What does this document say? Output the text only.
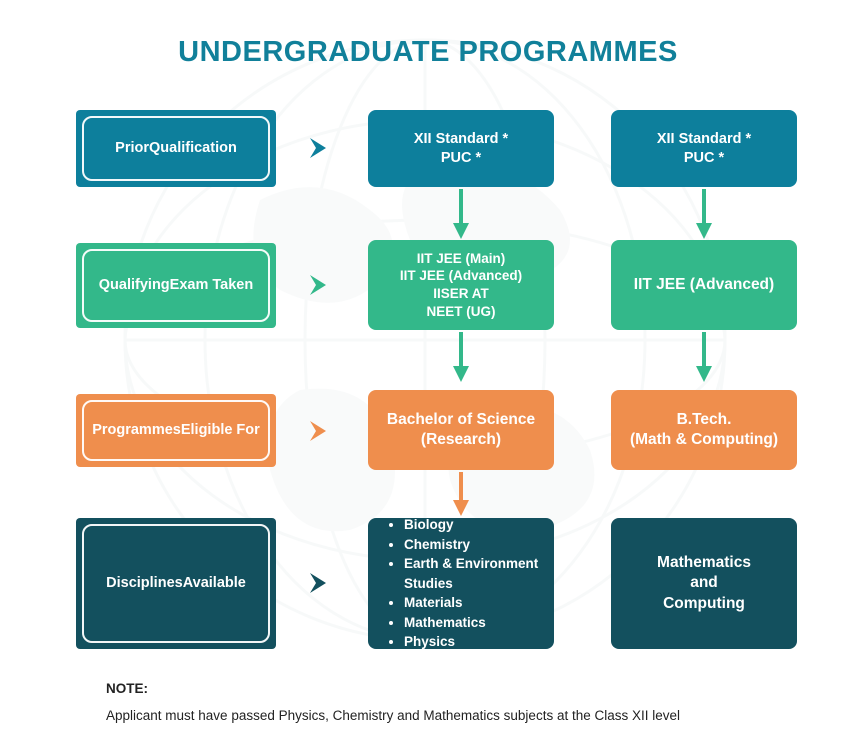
UNDERGRADUATE PROGRAMMES
Prior Qualification
XII Standard *
PUC *
XII Standard *
PUC *
Qualifying Exam Taken
IIT JEE (Main)
IIT JEE (Advanced)
IISER AT
NEET (UG)
IIT JEE (Advanced)
Programmes Eligible For
Bachelor of Science
(Research)
B.Tech.
(Math & Computing)
Disciplines Available
• Biology
• Chemistry
• Earth & Environment Studies
• Materials
• Mathematics
• Physics
Mathematics
and
Computing
NOTE:
Applicant must have passed Physics, Chemistry and Mathematics subjects at the Class XII level
